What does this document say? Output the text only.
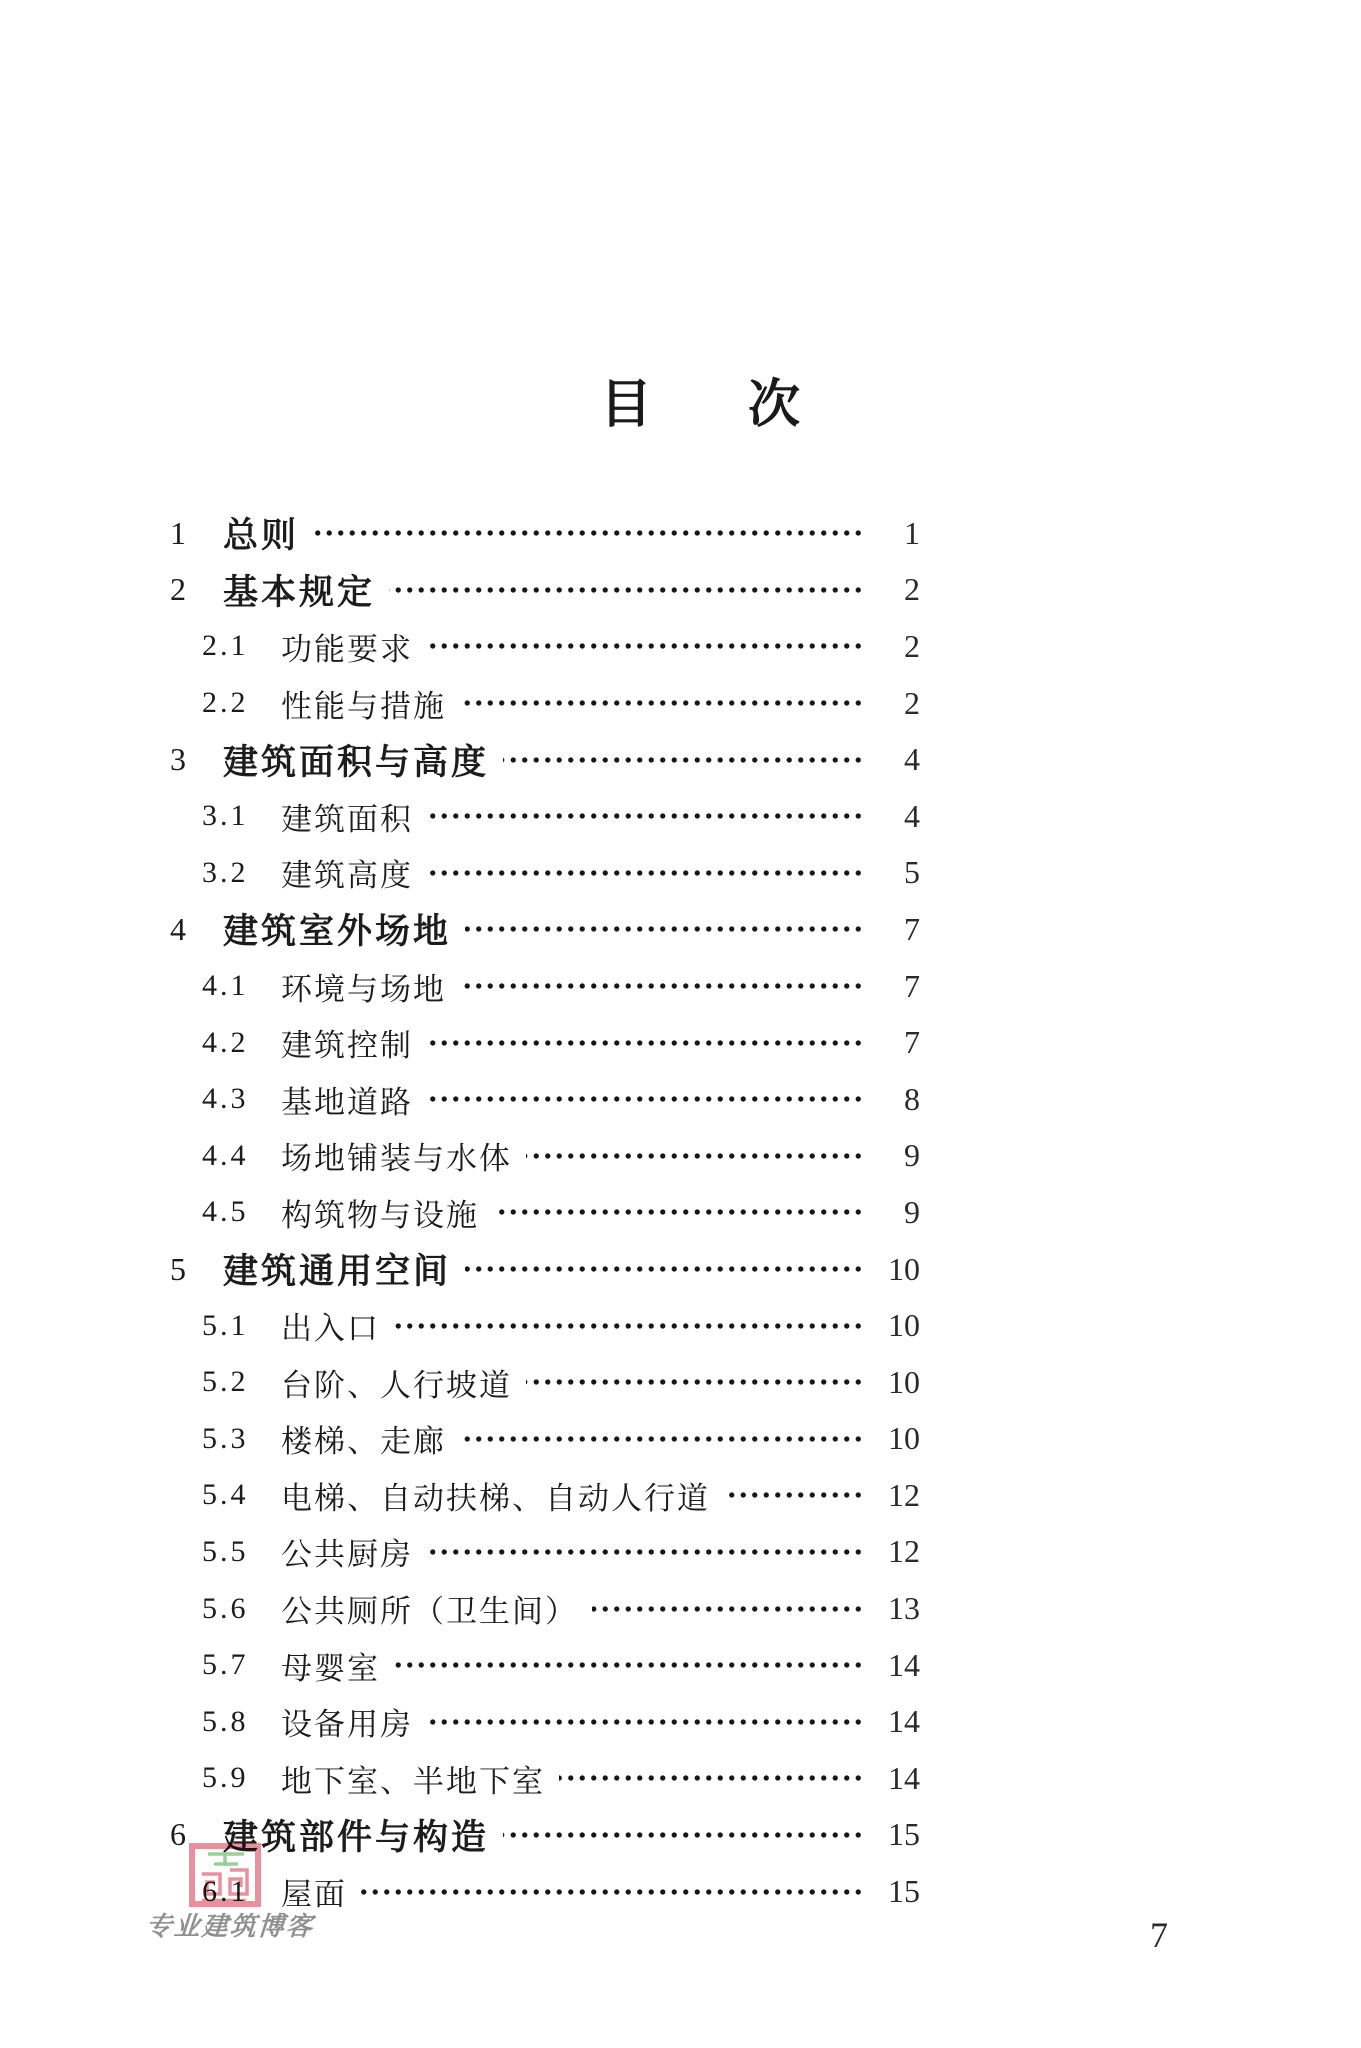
目 次
1	总则	1
2	基本规定	2
2.1	功能要求	2
2.2	性能与措施	2
3	建筑面积与高度	4
3.1	建筑面积	4
3.2	建筑高度	5
4	建筑室外场地	7
4.1	环境与场地	7
4.2	建筑控制	7
4.3	基地道路	8
4.4	场地铺装与水体	9
4.5	构筑物与设施	9
5	建筑通用空间	10
5.1	出入口	10
5.2	台阶、人行坡道	10
5.3	楼梯、走廊	10
5.4	电梯、自动扶梯、自动人行道	12
5.5	公共厨房	12
5.6	公共厕所（卫生间）	13
5.7	母婴室	14
5.8	设备用房	14
5.9	地下室、半地下室	14
6	建筑部件与构造	15
6.1	屋面	15
专业建筑博客	7
